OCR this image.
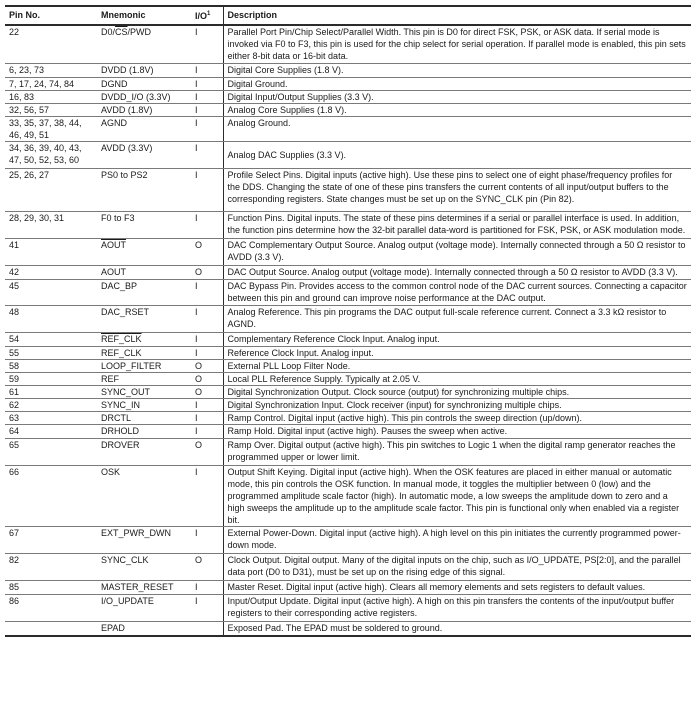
Pin No.	Mnemonic	$I/O^1$	Description
22	$D0/\overline{CS}$/PWD	I	Parallel Port Pin/Chip Select/Parallel Width. This pin is D0 for direct FSK, PSK, or ASK data. If serial mode is invoked via F0 to F3, this pin is used for the chip select for serial operation. If parallel mode is enabled, this pin sets either 8-bit data or 16-bit data.
6, 23, 73	DVDD (1.8V)	I	Digital Core Supplies (1.8 V).
7, 17, 24, 74, 84	DGND	I	Digital Ground.
16, 83	DVDD_I/O (3.3V)	I	Digital Input/Output Supplies (3.3 V).
32, 56, 57	AVDD (1.8V)	I	Analog Core Supplies (1.8 V).
33, 35, 37, 38, 44, 46, 49, 51	AGND	I	Analog Ground.
34, 36, 39, 40, 43, 47, 50, 52, 53, 60	AVDD (3.3V)	I	Analog DAC Supplies (3.3 V).
25, 26, 27	PS0 to PS2	I	Profile Select Pins. Digital inputs (active high). Use these pins to select one of eight phase/frequency profiles for the DDS. Changing the state of one of these pins transfers the current contents of all input/output buffers to the corresponding registers. State changes must be set up on the SYNC_CLK pin (Pin 82).
28, 29, 30, 31	F0 to F3	I	Function Pins. Digital inputs. The state of these pins determines if a serial or parallel interface is used. In addition, the function pins determine how the 32-bit parallel data-word is partitioned for FSK, PSK, or ASK modulation mode.
41	AOUT	O	DAC Complementary Output Source. Analog output (voltage mode). Internally connected through a 50 Ω resistor to AVDD (3.3 V).
42	AOUT	O	DAC Output Source. Analog output (voltage mode). Internally connected through a 50 Ω resistor to AVDD (3.3 V).
45	DAC_BP	I	DAC Bypass Pin. Provides access to the common control node of the DAC current sources. Connecting a capacitor between this pin and ground can improve noise performance at the DAC output.
48	DAC_RSET	I	Analog Reference. This pin programs the DAC output full-scale reference current. Connect a 3.3 kΩ resistor to AGND.
54	REF_CLK	I	Complementary Reference Clock Input. Analog input.
55	REF_CLK	I	Reference Clock Input. Analog input.
58	LOOP_FILTER	O	External PLL Loop Filter Node.
59	REF	O	Local PLL Reference Supply. Typically at 2.05 V.
61	SYNC_OUT	O	Digital Synchronization Output. Clock source (output) for synchronizing multiple chips.
62	SYNC_IN	I	Digital Synchronization Input. Clock receiver (input) for synchronizing multiple chips.
63	DRCTL	I	Ramp Control. Digital input (active high). This pin controls the sweep direction (up/down).
64	DRHOLD	I	Ramp Hold. Digital input (active high). Pauses the sweep when active.
65	DROVER	O	Ramp Over. Digital output (active high). This pin switches to Logic 1 when the digital ramp generator reaches the programmed upper or lower limit.
66	OSK	I	Output Shift Keying. Digital input (active high). When the OSK features are placed in either manual or automatic mode, this pin controls the OSK function. In manual mode, it toggles the multiplier between 0 (low) and the programmed amplitude scale factor (high). In automatic mode, a low sweeps the amplitude down to zero and a high sweeps the amplitude up to the amplitude scale factor. This pin is functional only when enabled via a register bit.
67	EXT_PWR_DWN	I	External Power-Down. Digital input (active high). A high level on this pin initiates the currently programmed power-down mode.
82	SYNC_CLK	O	Clock Output. Digital output. Many of the digital inputs on the chip, such as I/O_UPDATE, PS[2:0], and the parallel data port (D0 to D31), must be set up on the rising edge of this signal.
85	MASTER_RESET	I	Master Reset. Digital input (active high). Clears all memory elements and sets registers to default values.
86	I/O_UPDATE	I	Input/Output Update. Digital input (active high). A high on this pin transfers the contents of the input/output buffer registers to their corresponding active registers.
	EPAD		Exposed Pad. The EPAD must be soldered to ground.
